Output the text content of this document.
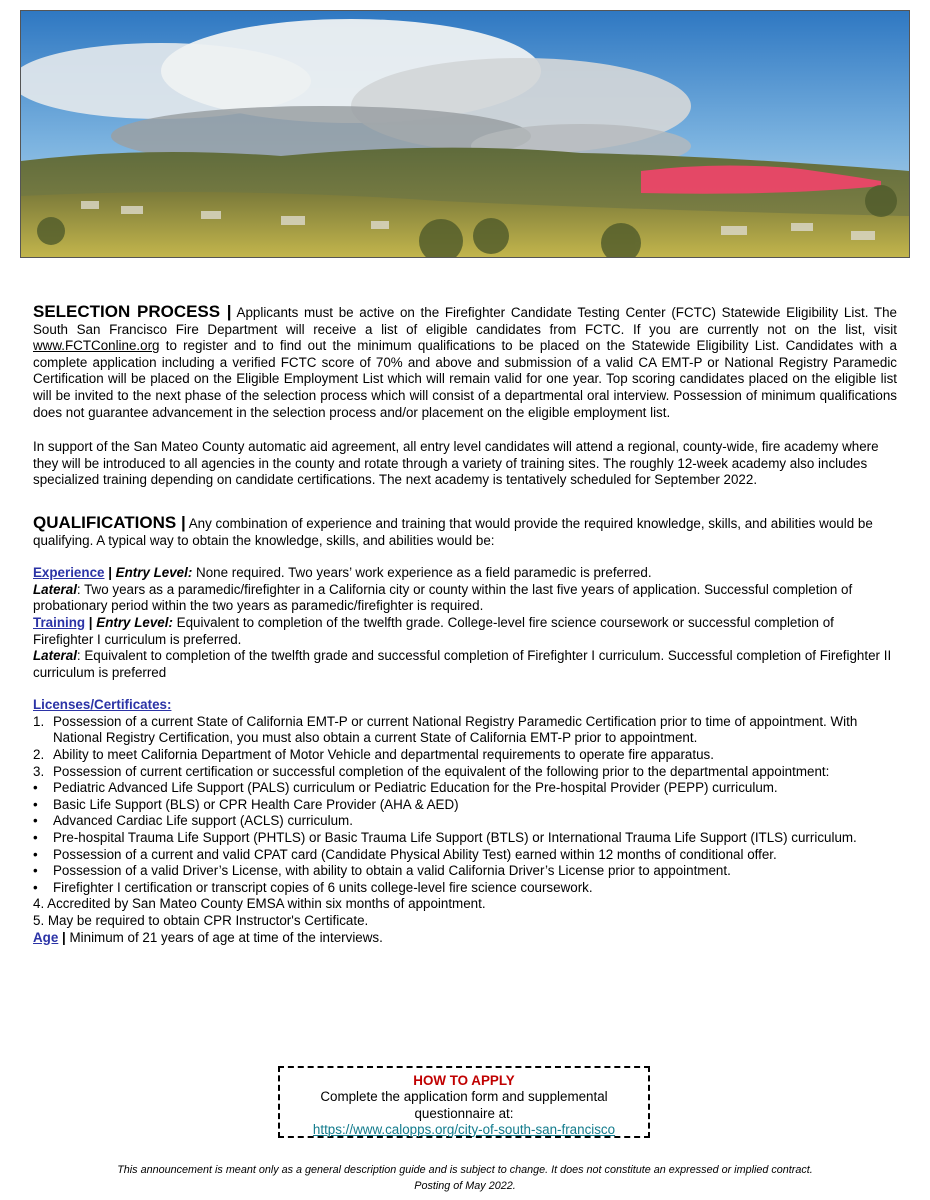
SELECTION PROCESS | Applicants must be active on the Firefighter Candidate Testing Center (FCTC) Statewide Eligibility List. The South San Francisco Fire Department will receive a list of eligible candidates from FCTC. If you are currently not on the list, visit www.FCTConline.org to register and to find out the minimum qualifications to be placed on the Statewide Eligibility List. Candidates with a complete application including a verified FCTC score of 70% and above and submission of a valid CA EMT-P or National Registry Paramedic Certification will be placed on the Eligible Employment List which will remain valid for one year. Top scoring candidates placed on the eligible list will be invited to the next phase of the selection process which will consist of a departmental oral interview. Possession of minimum qualifications does not guarantee advancement in the selection process and/or placement on the eligible employment list.

In support of the San Mateo County automatic aid agreement, all entry level candidates will attend a regional, county-wide, fire academy where they will be introduced to all agencies in the county and rotate through a variety of training sites. The roughly 12-week academy also includes specialized training depending on candidate certifications. The next academy is tentatively scheduled for September 2022.

QUALIFICATIONS | Any combination of experience and training that would provide the required knowledge, skills, and abilities would be qualifying. A typical way to obtain the knowledge, skills, and abilities would be:

Experience | Entry Level: None required. Two years’ work experience as a field paramedic is preferred.

Lateral: Two years as a paramedic/firefighter in a California city or county within the last five years of application. Successful completion of probationary period within the two years as paramedic/firefighter is required.

Training | Entry Level: Equivalent to completion of the twelfth grade. College-level fire science coursework or successful completion of Firefighter I curriculum is preferred.

Lateral: Equivalent to completion of the twelfth grade and successful completion of Firefighter I curriculum. Successful completion of Firefighter II curriculum is preferred

Licenses/Certificates:

1. Possession of a current State of California EMT-P or current National Registry Paramedic Certification prior to time of appointment. With National Registry Certification, you must also obtain a current State of California EMT-P prior to appointment.
2. Ability to meet California Department of Motor Vehicle and departmental requirements to operate fire apparatus.
3. Possession of current certification or successful completion of the equivalent of the following prior to the departmental appointment:
• Pediatric Advanced Life Support (PALS) curriculum or Pediatric Education for the Pre-hospital Provider (PEPP) curriculum.
• Basic Life Support (BLS) or CPR Health Care Provider (AHA & AED)
• Advanced Cardiac Life support (ACLS) curriculum.
• Pre-hospital Trauma Life Support (PHTLS) or Basic Trauma Life Support (BTLS) or International Trauma Life Support (ITLS) curriculum.
• Possession of a current and valid CPAT card (Candidate Physical Ability Test) earned within 12 months of conditional offer.
• Possession of a valid Driver’s License, with ability to obtain a valid California Driver’s License prior to appointment.
• Firefighter I certification or transcript copies of 6 units college-level fire science coursework.

4. Accredited by San Mateo County EMSA within six months of appointment.

5. May be required to obtain CPR Instructor's Certificate.

Age | Minimum of 21 years of age at time of the interviews.

HOW TO APPLY
Complete the application form and supplemental
questionnaire at:
https://www.calopps.org/city-of-south-san-francisco
This announcement is meant only as a general description guide and is subject to change. It does not constitute an expressed or implied contract.
Posting of May 2022.
